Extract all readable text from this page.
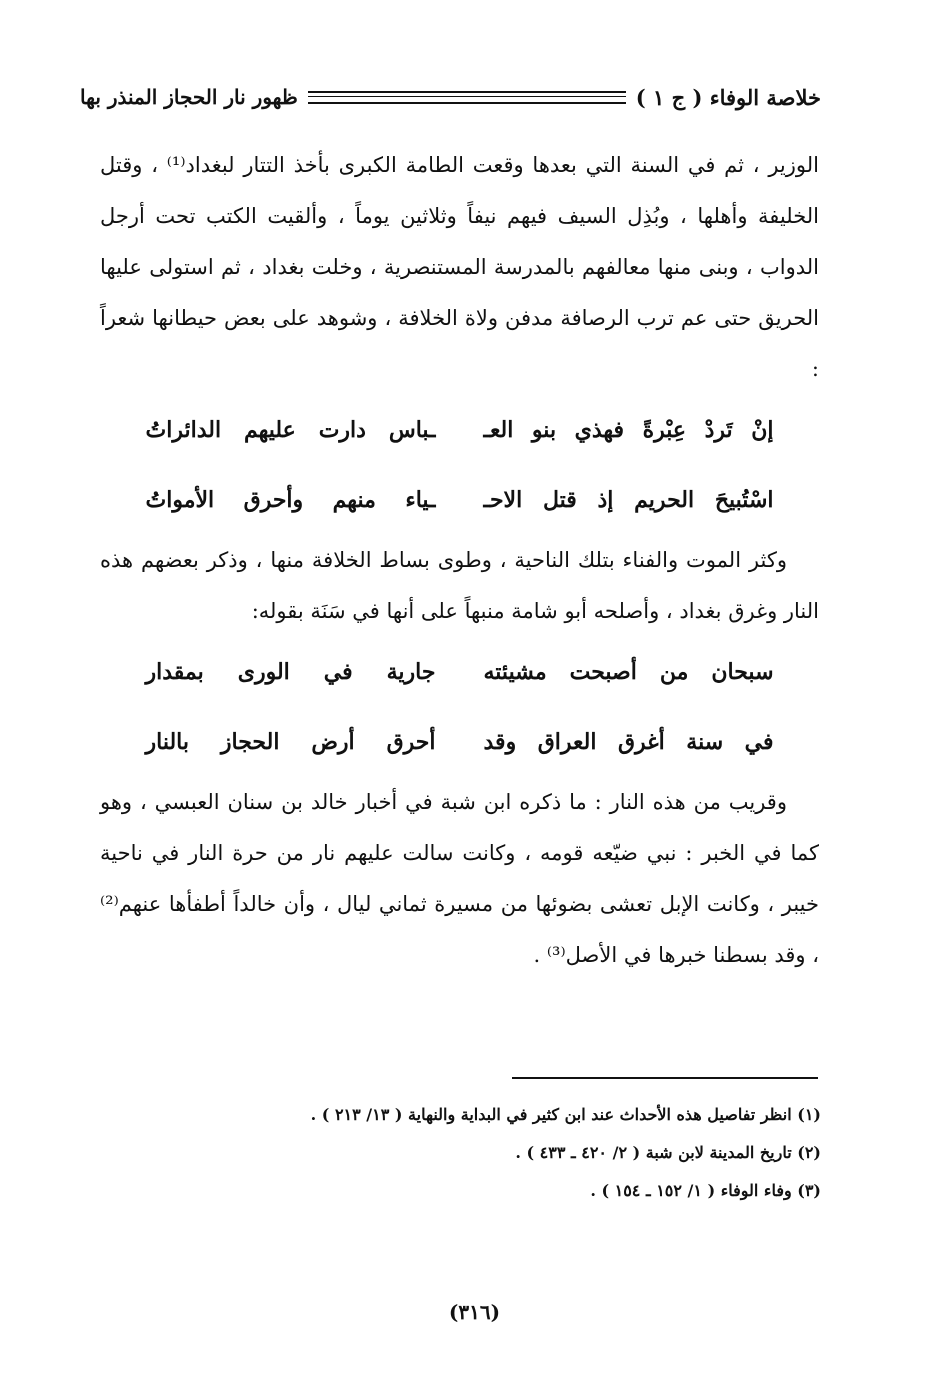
خلاصة الوفاء ( ج ١ )
ظهور نار الحجاز المنذر بها

الوزير ، ثم في السنة التي بعدها وقعت الطامة الكبرى بأخذ التتار لبغداد⁽¹⁾ ، وقتل الخليفة وأهلها ، وبُذِل السيف فيهم نيفاً وثلاثين يوماً ، وألقيت الكتب تحت أرجل الدواب ، وبنى منها معالفهم بالمدرسة المستنصرية ، وخلت بغداد ، ثم استولى عليها الحريق حتى عم ترب الرصافة مدفن ولاة الخلافة ، وشوهد على بعض حيطانها شعراً :

إنْ تَردْ عِبْرةً فهذي بنو العـ
ـباس دارت عليهم الدائراتُ
اسْتُبيحَ الحريم إذ قتل الاحـ
ـياء منهم وأحرق الأمواتُ

وكثر الموت والفناء بتلك الناحية ، وطوى بساط الخلافة منها ، وذكر بعضهم هذه النار وغرق بغداد ، وأصلحه أبو شامة منبهاً على أنها في سَنَة بقوله:

سبحان من أصبحت مشيئته
جارية في الورى بمقدار
في سنة أغرق العراق وقد
أحرق أرض الحجاز بالنار

وقريب من هذه النار : ما ذكره ابن شبة في أخبار خالد بن سنان العبسي ، وهو كما في الخبر : نبي ضيّعه قومه ، وكانت سالت عليهم نار من حرة النار في ناحية خيبر ، وكانت الإبل تعشى بضوئها من مسيرة ثماني ليال ، وأن خالداً أطفأها عنهم⁽²⁾ ، وقد بسطنا خبرها في الأصل⁽³⁾ .

(١) انظر تفاصيل هذه الأحداث عند ابن كثير في البداية والنهاية ( ١٣/ ٢١٣ ) .

(٢) تاريخ المدينة لابن شبة ( ٢/ ٤٢٠ ـ ٤٣٣ ) .

(٣) وفاء الوفاء ( ١/ ١٥٢ ـ ١٥٤ ) .

(٣١٦)
